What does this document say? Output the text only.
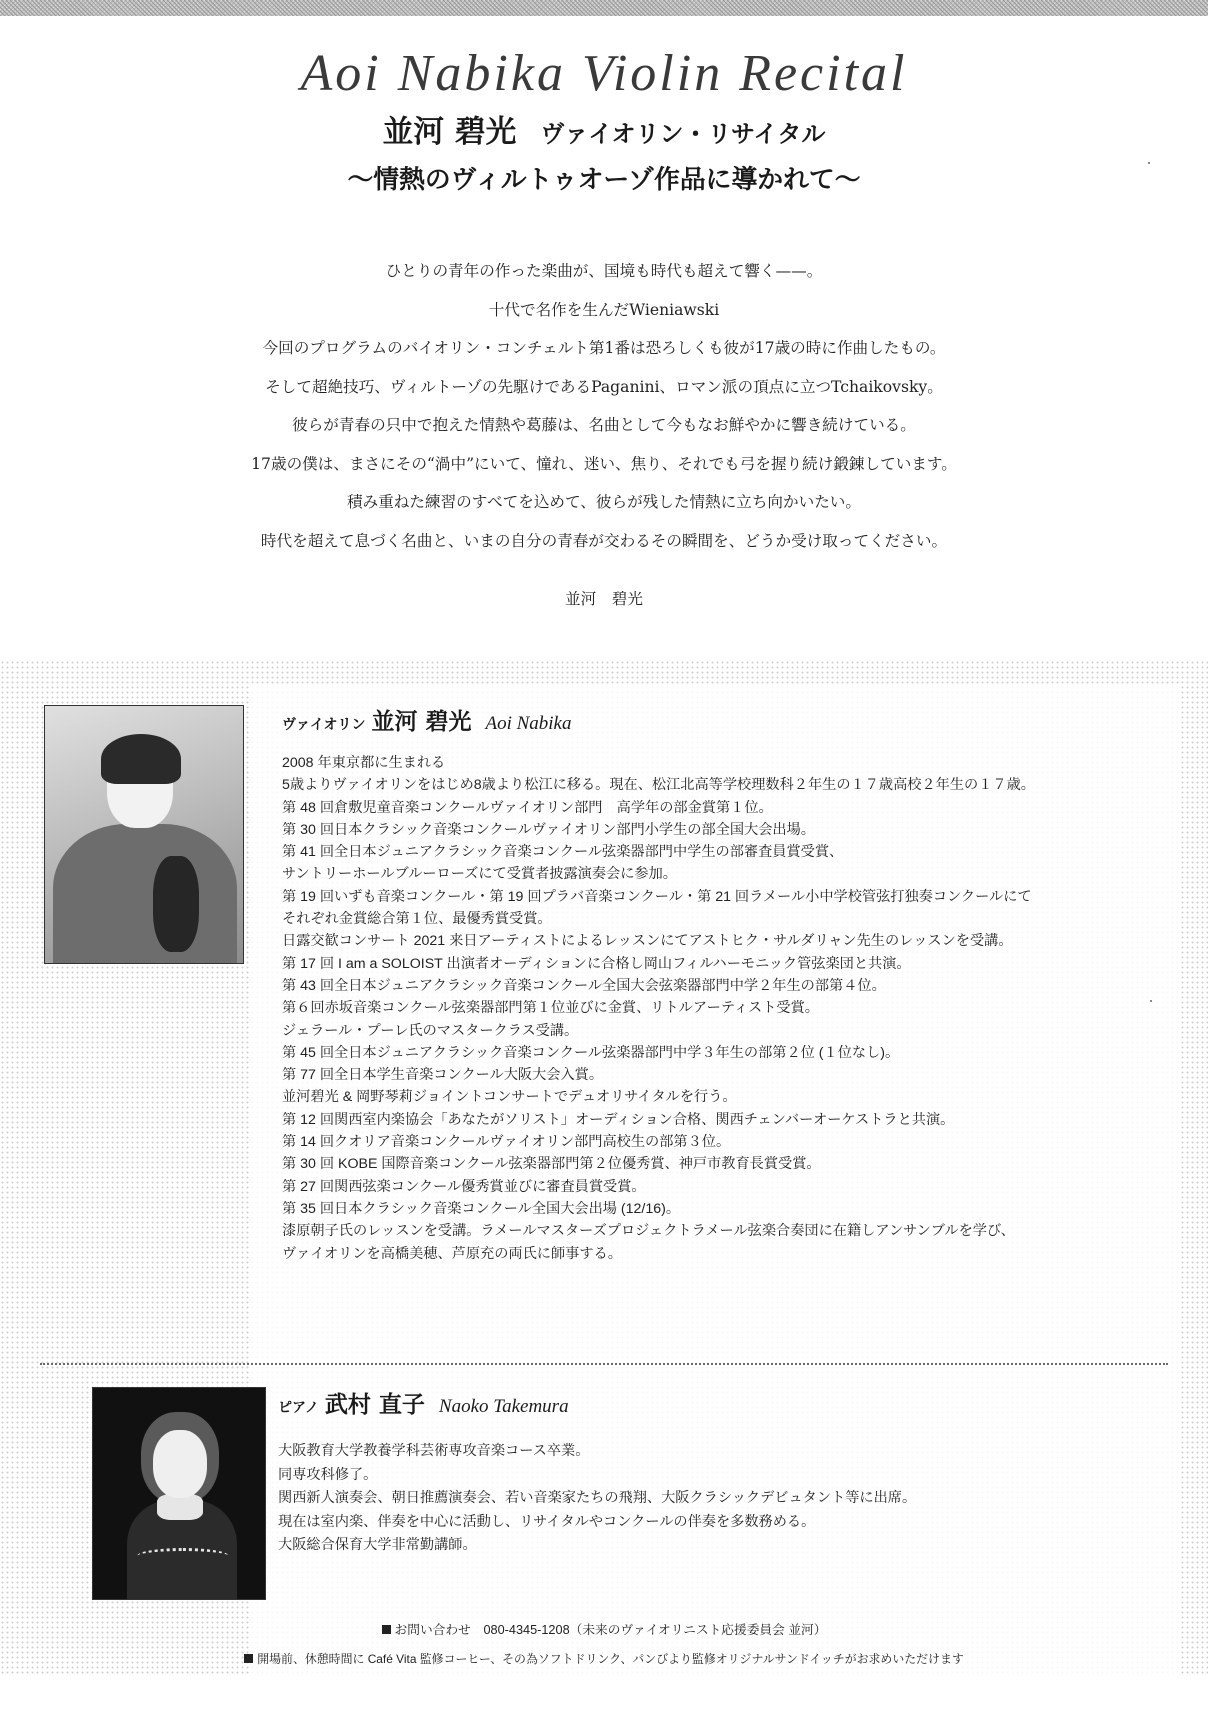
Aoi Nabika Violin Recital
並河 碧光 ヴァイオリン・リサイタル
〜情熱のヴィルトゥオーゾ作品に導かれて〜
ひとりの青年の作った楽曲が、国境も時代も超えて響く——。
十代で名作を生んだWieniawski
今回のプログラムのバイオリン・コンチェルト第1番は恐ろしくも彼が17歳の時に作曲したもの。
そして超絶技巧、ヴィルトーゾの先駆けであるPaganini、ロマン派の頂点に立つTchaikovsky。
彼らが青春の只中で抱えた情熱や葛藤は、名曲として今もなお鮮やかに響き続けている。
17歳の僕は、まさにその“渦中”にいて、憧れ、迷い、焦り、それでも弓を握り続け鍛錬しています。
積み重ねた練習のすべてを込めて、彼らが残した情熱に立ち向かいたい。
時代を超えて息づく名曲と、いまの自分の青春が交わるその瞬間を、どうか受け取ってください。
並河　碧光
ヴァイオリン 並河 碧光 Aoi Nabika
2008 年東京都に生まれる
5歳よりヴァイオリンをはじめ8歳より松江に移る。現在、松江北高等学校理数科２年生の１７歳高校２年生の１７歳。
第 48 回倉敷児童音楽コンクールヴァイオリン部門　高学年の部金賞第１位。
第 30 回日本クラシック音楽コンクールヴァイオリン部門小学生の部全国大会出場。
第 41 回全日本ジュニアクラシック音楽コンクール弦楽器部門中学生の部審査員賞受賞、
サントリーホールブルーローズにて受賞者披露演奏会に参加。
第 19 回いずも音楽コンクール・第 19 回プラバ音楽コンクール・第 21 回ラメール小中学校管弦打独奏コンクールにて
それぞれ金賞総合第１位、最優秀賞受賞。
日露交歓コンサート 2021 来日アーティストによるレッスンにてアストヒク・サルダリャン先生のレッスンを受講。
第 17 回 I am a SOLOIST 出演者オーディションに合格し岡山フィルハーモニック管弦楽団と共演。
第 43 回全日本ジュニアクラシック音楽コンクール全国大会弦楽器部門中学２年生の部第４位。
第６回赤坂音楽コンクール弦楽器部門第１位並びに金賞、リトルアーティスト受賞。
ジェラール・プーレ氏のマスタークラス受講。
第 45 回全日本ジュニアクラシック音楽コンクール弦楽器部門中学３年生の部第２位 (１位なし)。
第 77 回全日本学生音楽コンクール大阪大会入賞。
並河碧光 & 岡野琴莉ジョイントコンサートでデュオリサイタルを行う。
第 12 回関西室内楽協会「あなたがソリスト」オーディション合格、関西チェンバーオーケストラと共演。
第 14 回クオリア音楽コンクールヴァイオリン部門高校生の部第３位。
第 30 回 KOBE 国際音楽コンクール弦楽器部門第２位優秀賞、神戸市教育長賞受賞。
第 27 回関西弦楽コンクール優秀賞並びに審査員賞受賞。
第 35 回日本クラシック音楽コンクール全国大会出場 (12/16)。
漆原朝子氏のレッスンを受講。ラメールマスターズプロジェクトラメール弦楽合奏団に在籍しアンサンブルを学び、
ヴァイオリンを高橋美穂、芦原充の両氏に師事する。
ピアノ 武村 直子 Naoko Takemura
大阪教育大学教養学科芸術専攻音楽コース卒業。
同専攻科修了。
関西新人演奏会、朝日推薦演奏会、若い音楽家たちの飛翔、大阪クラシックデビュタント等に出席。
現在は室内楽、伴奏を中心に活動し、リサイタルやコンクールの伴奏を多数務める。
大阪総合保育大学非常勤講師。
お問い合わせ　080-4345-1208（未来のヴァイオリニスト応援委員会 並河）
開場前、休憩時間に Café Vita 監修コーヒー、その為ソフトドリンク、パンびより監修オリジナルサンドイッチがお求めいただけます
